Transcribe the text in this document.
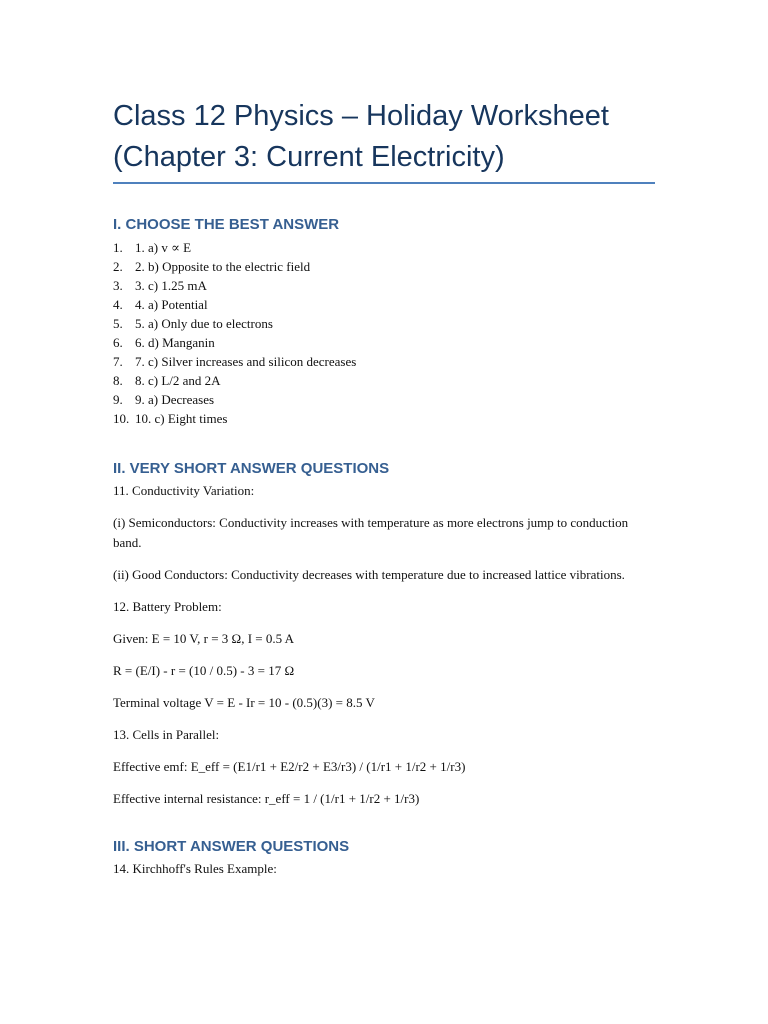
Class 12 Physics – Holiday Worksheet
(Chapter 3: Current Electricity)
I. CHOOSE THE BEST ANSWER
1. 1. a) v ∝ E
2. 2. b) Opposite to the electric field
3. 3. c) 1.25 mA
4. 4. a) Potential
5. 5. a) Only due to electrons
6. 6. d) Manganin
7. 7. c) Silver increases and silicon decreases
8. 8. c) L/2 and 2A
9. 9. a) Decreases
10. 10. c) Eight times
II. VERY SHORT ANSWER QUESTIONS

11. Conductivity Variation:

(i) Semiconductors: Conductivity increases with temperature as more electrons jump to conduction band.

(ii) Good Conductors: Conductivity decreases with temperature due to increased lattice vibrations.

12. Battery Problem:

Given: E = 10 V, r = 3 Ω, I = 0.5 A

R = (E/I) - r = (10 / 0.5) - 3 = 17 Ω

Terminal voltage V = E - Ir = 10 - (0.5)(3) = 8.5 V

13. Cells in Parallel:

Effective emf: E_eff = (E1/r1 + E2/r2 + E3/r3) / (1/r1 + 1/r2 + 1/r3)

Effective internal resistance: r_eff = 1 / (1/r1 + 1/r2 + 1/r3)

III. SHORT ANSWER QUESTIONS

14. Kirchhoff's Rules Example:
